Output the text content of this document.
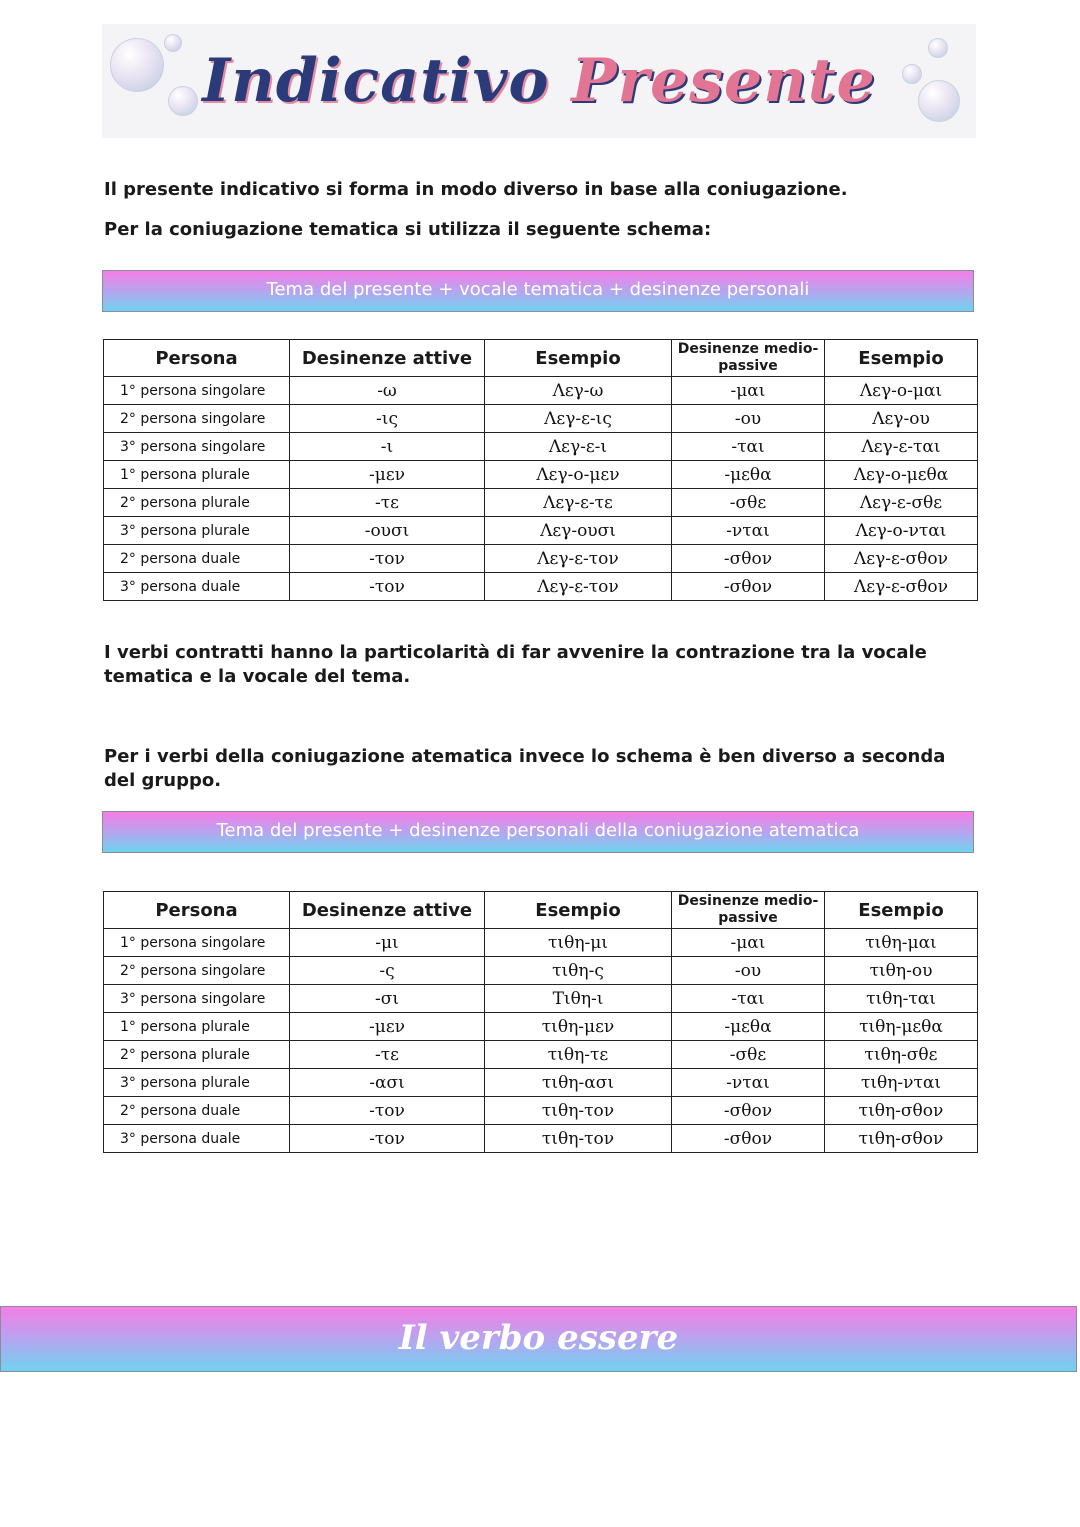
Indicativo Presente
Il presente indicativo si forma in modo diverso in base alla coniugazione.
Per la coniugazione tematica si utilizza il seguente schema:
Tema del presente + vocale tematica + desinenze personali
Persona	Desinenze attive	Esempio	Desinenze medio-passive	Esempio
1° persona singolare	-ω	Λεγ-ω	-μαι	Λεγ-ο-μαι
2° persona singolare	-ις	Λεγ-ε-ις	-ου	Λεγ-ου
3° persona singolare	-ι	Λεγ-ε-ι	-ται	Λεγ-ε-ται
1° persona plurale	-μεν	Λεγ-ο-μεν	-μεθα	Λεγ-ο-μεθα
2° persona plurale	-τε	Λεγ-ε-τε	-σθε	Λεγ-ε-σθε
3° persona plurale	-ουσι	Λεγ-ουσι	-νται	Λεγ-ο-νται
2° persona duale	-τον	Λεγ-ε-τον	-σθον	Λεγ-ε-σθον
3° persona duale	-τον	Λεγ-ε-τον	-σθον	Λεγ-ε-σθον
I verbi contratti hanno la particolarità di far avvenire la contrazione tra la vocale tematica e la vocale del tema.
Per i verbi della coniugazione atematica invece lo schema è ben diverso a seconda del gruppo.
Tema del presente + desinenze personali della coniugazione atematica
Persona	Desinenze attive	Esempio	Desinenze medio-passive	Esempio
1° persona singolare	-μι	τιθη-μι	-μαι	τιθη-μαι
2° persona singolare	-ς	τιθη-ς	-ου	τιθη-ου
3° persona singolare	-σι	Τιθη-ι	-ται	τιθη-ται
1° persona plurale	-μεν	τιθη-μεν	-μεθα	τιθη-μεθα
2° persona plurale	-τε	τιθη-τε	-σθε	τιθη-σθε
3° persona plurale	-ασι	τιθη-ασι	-νται	τιθη-νται
2° persona duale	-τον	τιθη-τον	-σθον	τιθη-σθον
3° persona duale	-τον	τιθη-τον	-σθον	τιθη-σθον
Il verbo essere
